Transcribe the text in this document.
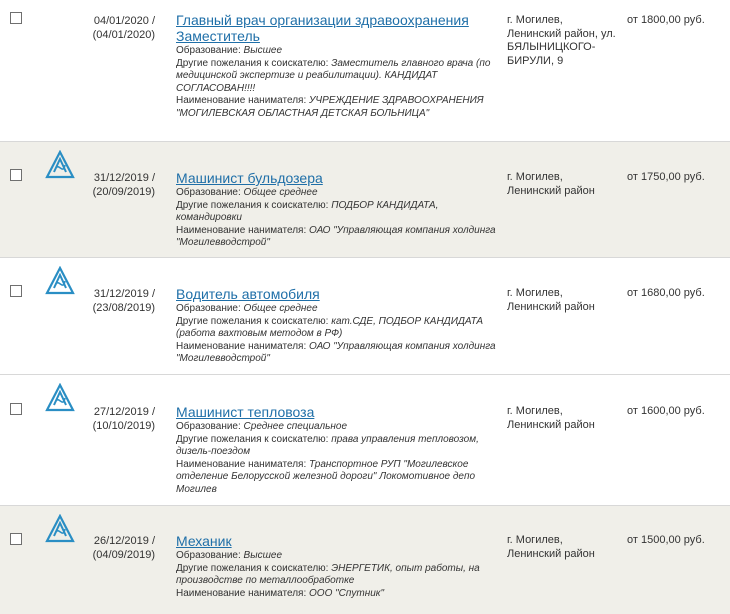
04/01/2020 /
(04/01/2020)
Главный врач организации здравоохранения Заместитель
Образование: Высшее
Другие пожелания к соискателю: Заместитель главного врача (по медицинской экспертизе и реабилитации). КАНДИДАТ СОГЛАСОВАН!!!!
Наименование нанимателя: УЧРЕЖДЕНИЕ ЗДРАВООХРАНЕНИЯ "МОГИЛЕВСКАЯ ОБЛАСТНАЯ ДЕТСКАЯ БОЛЬНИЦА"
г. Могилев, Ленинский район, ул. БЯЛЫНИЦКОГО-БИРУЛИ, 9
от 1800,00 руб.
31/12/2019 /
(20/09/2019)
Машинист бульдозера
Образование: Общее среднее
Другие пожелания к соискателю: ПОДБОР КАНДИДАТА, командировки
Наименование нанимателя: ОАО "Управляющая компания холдинга "Могилевводстрой"
г. Могилев, Ленинский район
от 1750,00 руб.
31/12/2019 /
(23/08/2019)
Водитель автомобиля
Образование: Общее среднее
Другие пожелания к соискателю: кат.СДЕ, ПОДБОР КАНДИДАТА (работа вахтовым методом в РФ)
Наименование нанимателя: ОАО "Управляющая компания холдинга "Могилевводстрой"
г. Могилев, Ленинский район
от 1680,00 руб.
27/12/2019 /
(10/10/2019)
Машинист тепловоза
Образование: Среднее специальное
Другие пожелания к соискателю: права управления тепловозом, дизель-поездом
Наименование нанимателя: Транспортное РУП "Могилевское отделение Белорусской железной дороги" Локомотивное депо Могилев
г. Могилев, Ленинский район
от 1600,00 руб.
26/12/2019 /
(04/09/2019)
Механик
Образование: Высшее
Другие пожелания к соискателю: ЭНЕРГЕТИК, опыт работы, на производстве по металлообработке
Наименование нанимателя: ООО "Спутник"
г. Могилев, Ленинский район
от 1500,00 руб.
